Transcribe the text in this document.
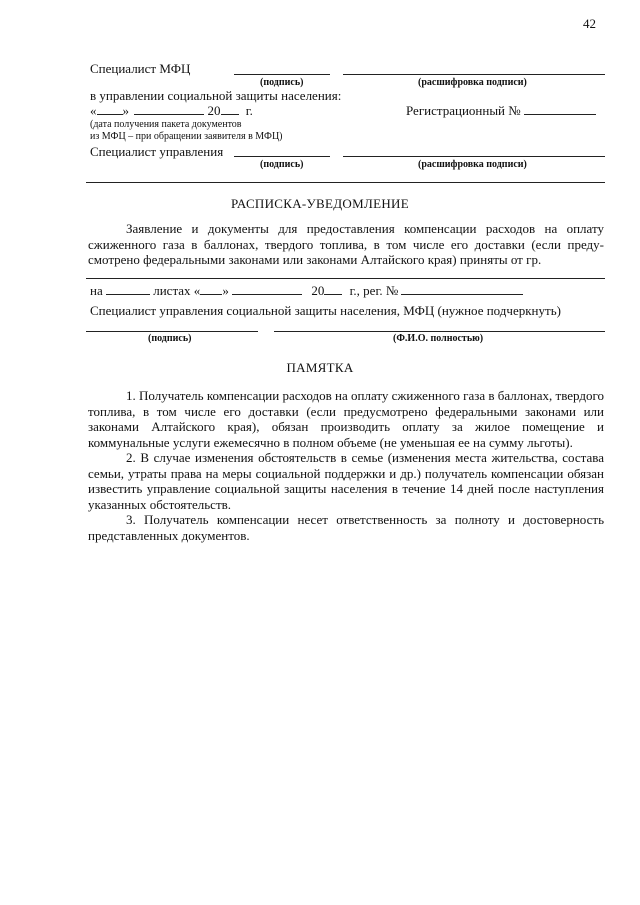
42
Специалист МФЦ
(подпись)	(расшифровка подписи)
в управлении социальной защиты населения:
« »	20 г.	Регистрационный №
(дата получения пакета документов
из МФЦ – при обращении заявителя в МФЦ)
Специалист управления
(подпись)	(расшифровка подписи)
РАСПИСКА-УВЕДОМЛЕНИЕ
Заявление и документы для предоставления компенсации расходов на оплату сжиженного газа в баллонах, твердого топлива, в том числе его доставки (если преду-смотрено федеральными законами или законами Алтайского края) приняты от гр.
на	листах « »	20 г., рег. №
Специалист управления социальной защиты населения, МФЦ (нужное подчеркнуть)
(подпись)	(Ф.И.О. полностью)
ПАМЯТКА
1. Получатель компенсации расходов на оплату сжиженного газа в баллонах, твердого топлива, в том числе его доставки (если предусмотрено федеральными законами или законами Алтайского края), обязан производить оплату за жилое помещение и коммунальные услуги ежемесячно в полном объеме (не уменьшая ее на сумму льготы).
2. В случае изменения обстоятельств в семье (изменения места жительства, состава семьи, утраты права на меры социальной поддержки и др.) получатель компенсации обязан известить управление социальной защиты населения в течение 14 дней после наступления указанных обстоятельств.
3. Получатель компенсации несет ответственность за полноту и достоверность представленных документов.
